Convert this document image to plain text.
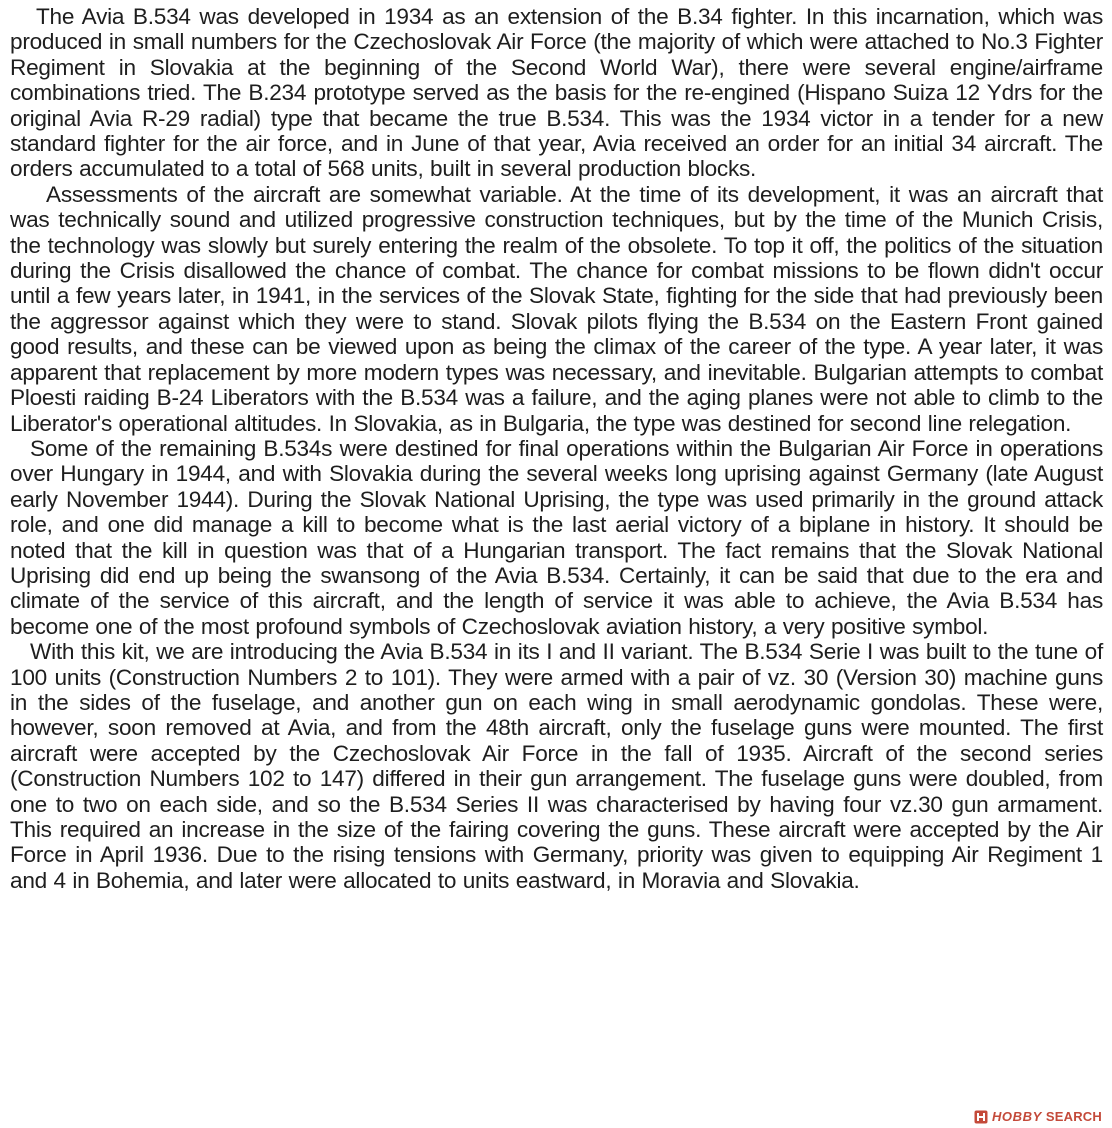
The Avia B.534 was developed in 1934 as an extension of the B.34 fighter. In this incarnation, which was produced in small numbers for the Czechoslovak Air Force (the majority of which were attached to No.3 Fighter Regiment in Slovakia at the beginning of the Second World War), there were several engine/airframe combinations tried. The B.234 prototype served as the basis for the re-engined (Hispano Suiza 12 Ydrs for the original Avia R-29 radial) type that became the true B.534. This was the 1934 victor in a tender for a new standard fighter for the air force, and in June of that year, Avia received an order for an initial 34 aircraft. The orders accumulated to a total of 568 units, built in several production blocks.

Assessments of the aircraft are somewhat variable. At the time of its development, it was an aircraft that was technically sound and utilized progressive construction techniques, but by the time of the Munich Crisis, the technology was slowly but surely entering the realm of the obsolete. To top it off, the politics of the situation during the Crisis disallowed the chance of combat. The chance for combat missions to be flown didn't occur until a few years later, in 1941, in the services of the Slovak State, fighting for the side that had previously been the aggressor against which they were to stand. Slovak pilots flying the B.534 on the Eastern Front gained good results, and these can be viewed upon as being the climax of the career of the type. A year later, it was apparent that replacement by more modern types was necessary, and inevitable. Bulgarian attempts to combat Ploesti raiding B-24 Liberators with the B.534 was a failure, and the aging planes were not able to climb to the Liberator's operational altitudes. In Slovakia, as in Bulgaria, the type was destined for second line relegation.

Some of the remaining B.534s were destined for final operations within the Bulgarian Air Force in operations over Hungary in 1944, and with Slovakia during the several weeks long uprising against Germany (late August early November 1944). During the Slovak National Uprising, the type was used primarily in the ground attack role, and one did manage a kill to become what is the last aerial victory of a biplane in history. It should be noted that the kill in question was that of a Hungarian transport. The fact remains that the Slovak National Uprising did end up being the swansong of the Avia B.534. Certainly, it can be said that due to the era and climate of the service of this aircraft, and the length of service it was able to achieve, the Avia B.534 has become one of the most profound symbols of Czechoslovak aviation history, a very positive symbol.

With this kit, we are introducing the Avia B.534 in its I and II variant. The B.534 Serie I was built to the tune of 100 units (Construction Numbers 2 to 101). They were armed with a pair of vz. 30 (Version 30) machine guns in the sides of the fuselage, and another gun on each wing in small aerodynamic gondolas. These were, however, soon removed at Avia, and from the 48th aircraft, only the fuselage guns were mounted. The first aircraft were accepted by the Czechoslovak Air Force in the fall of 1935. Aircraft of the second series (Construction Numbers 102 to 147) differed in their gun arrangement. The fuselage guns were doubled, from one to two on each side, and so the B.534 Series II was characterised by having four vz.30 gun armament. This required an increase in the size of the fairing covering the guns. These aircraft were accepted by the Air Force in April 1936. Due to the rising tensions with Germany, priority was given to equipping Air Regiment 1 and 4 in Bohemia, and later were allocated to units eastward, in Moravia and Slovakia.

HOBBY SEARCH
